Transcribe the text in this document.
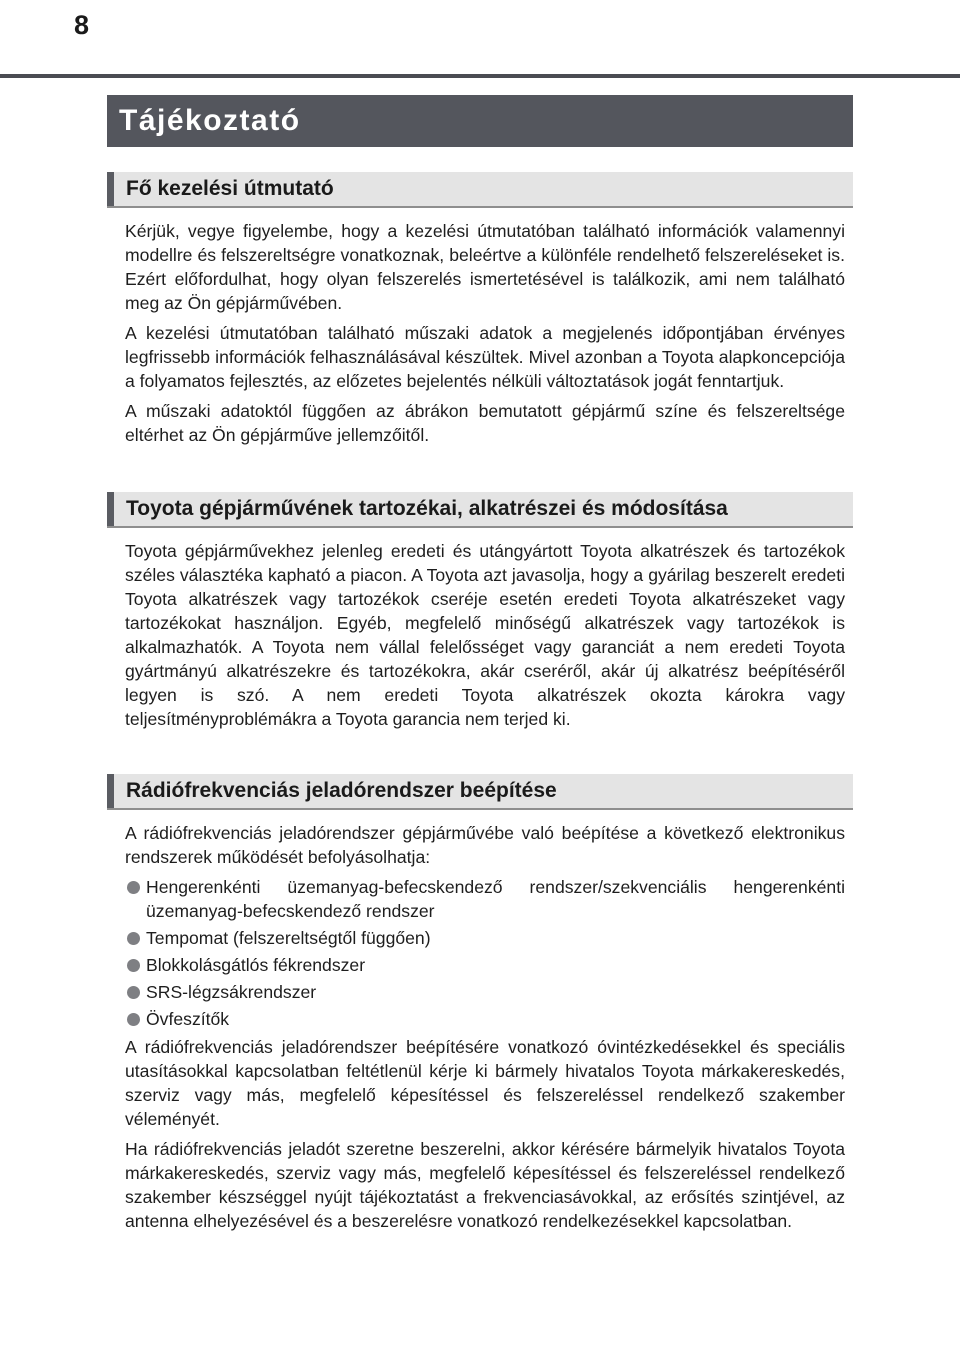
8
Tájékoztató
Fő kezelési útmutató

Kérjük, vegye figyelembe, hogy a kezelési útmutatóban található információk valamennyi modellre és felszereltségre vonatkoznak, beleértve a különféle rendelhető felszereléseket is. Ezért előfordulhat, hogy olyan felszerelés ismertetésével is találkozik, ami nem található meg az Ön gépjárművében.

A kezelési útmutatóban található műszaki adatok a megjelenés időpontjában érvényes legfrissebb információk felhasználásával készültek. Mivel azonban a Toyota alapkoncepciója a folyamatos fejlesztés, az előzetes bejelentés nélküli változtatások jogát fenntartjuk.

A műszaki adatoktól függően az ábrákon bemutatott gépjármű színe és felszereltsége eltérhet az Ön gépjárműve jellemzőitől.

Toyota gépjárművének tartozékai, alkatrészei és módosítása

Toyota gépjárművekhez jelenleg eredeti és utángyártott Toyota alkatrészek és tartozékok széles választéka kapható a piacon. A Toyota azt javasolja, hogy a gyárilag beszerelt eredeti Toyota alkatrészek vagy tartozékok cseréje esetén eredeti Toyota alkatrészeket vagy tartozékokat használjon. Egyéb, megfelelő minőségű alkatrészek vagy tartozékok is alkalmazhatók. A Toyota nem vállal felelősséget vagy garanciát a nem eredeti Toyota gyártmányú alkatrészekre és tartozékokra, akár cseréről, akár új alkatrész beépítéséről legyen is szó. A nem eredeti Toyota alkatrészek okozta károkra vagy teljesítményproblémákra a Toyota garancia nem terjed ki.

Rádiófrekvenciás jeladórendszer beépítése

A rádiófrekvenciás jeladórendszer gépjárművébe való beépítése a következő elektronikus rendszerek működését befolyásolhatja:

Hengerenkénti üzemanyag-befecskendező rendszer/szekvenciális hengerenkénti üzemanyag-befecskendező rendszer
Tempomat (felszereltségtől függően)
Blokkolásgátlós fékrendszer
SRS-légzsákrendszer
Övfeszítők

A rádiófrekvenciás jeladórendszer beépítésére vonatkozó óvintézkedésekkel és speciális utasításokkal kapcsolatban feltétlenül kérje ki bármely hivatalos Toyota márkakereskedés, szerviz vagy más, megfelelő képesítéssel és felszereléssel rendelkező szakember véleményét.

Ha rádiófrekvenciás jeladót szeretne beszerelni, akkor kérésére bármelyik hivatalos Toyota márkakereskedés, szerviz vagy más, megfelelő képesítéssel és felszereléssel rendelkező szakember készséggel nyújt tájékoztatást a frekvenciasávokkal, az erősítés szintjével, az antenna elhelyezésével és a beszerelésre vonatkozó rendelkezésekkel kapcsolatban.
